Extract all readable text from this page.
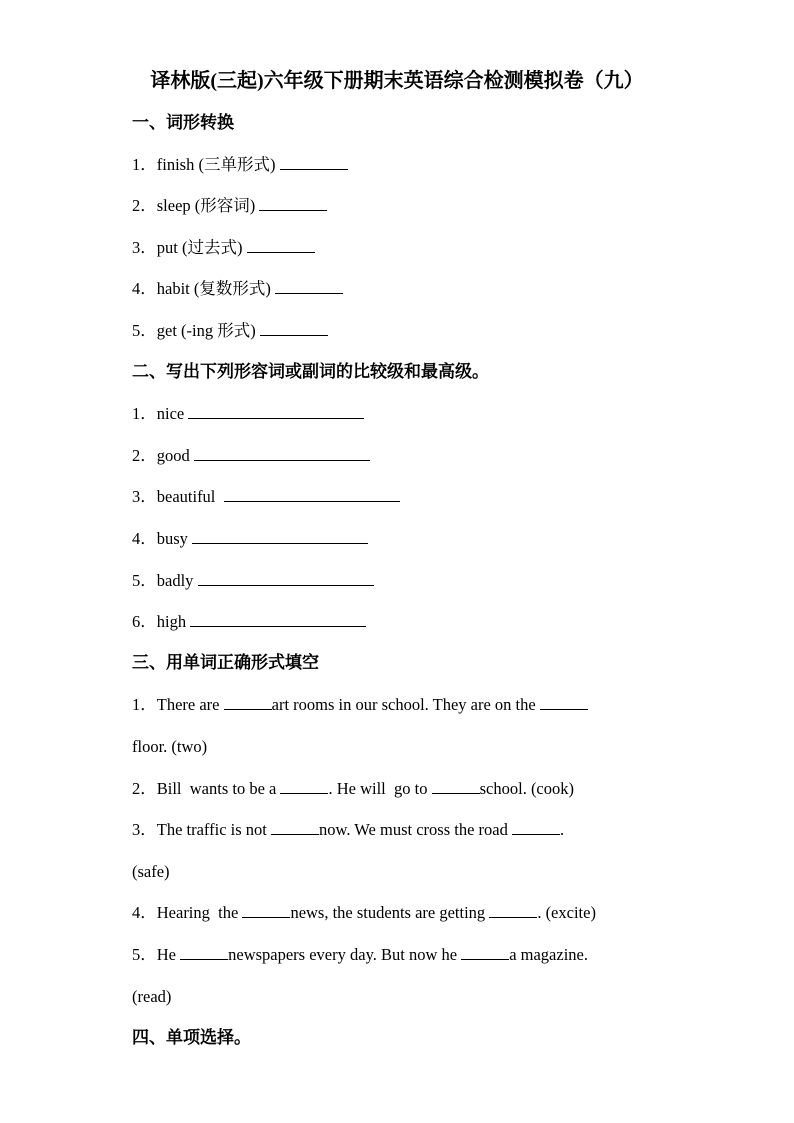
译林版(三起)六年级下册期末英语综合检测模拟卷（九）
一、词形转换
1．finish (三单形式)
2．sleep (形容词)
3．put (过去式)
4．habit (复数形式)
5．get (-ing 形式)
二、写出下列形容词或副词的比较级和最高级。
1．nice
2．good
3．beautiful
4．busy
5．badly
6．high
三、用单词正确形式填空
1．There are	art rooms in our school. They are on the
floor. (two)
2．Bill  wants to be a	. He will  go to	school. (cook)
3．The traffic is not	now. We must cross the road	.
(safe)
4．Hearing  the	news, the students are getting	. (excite)
5．He	newspapers every day. But now he	a magazine.
(read)
四、单项选择。
